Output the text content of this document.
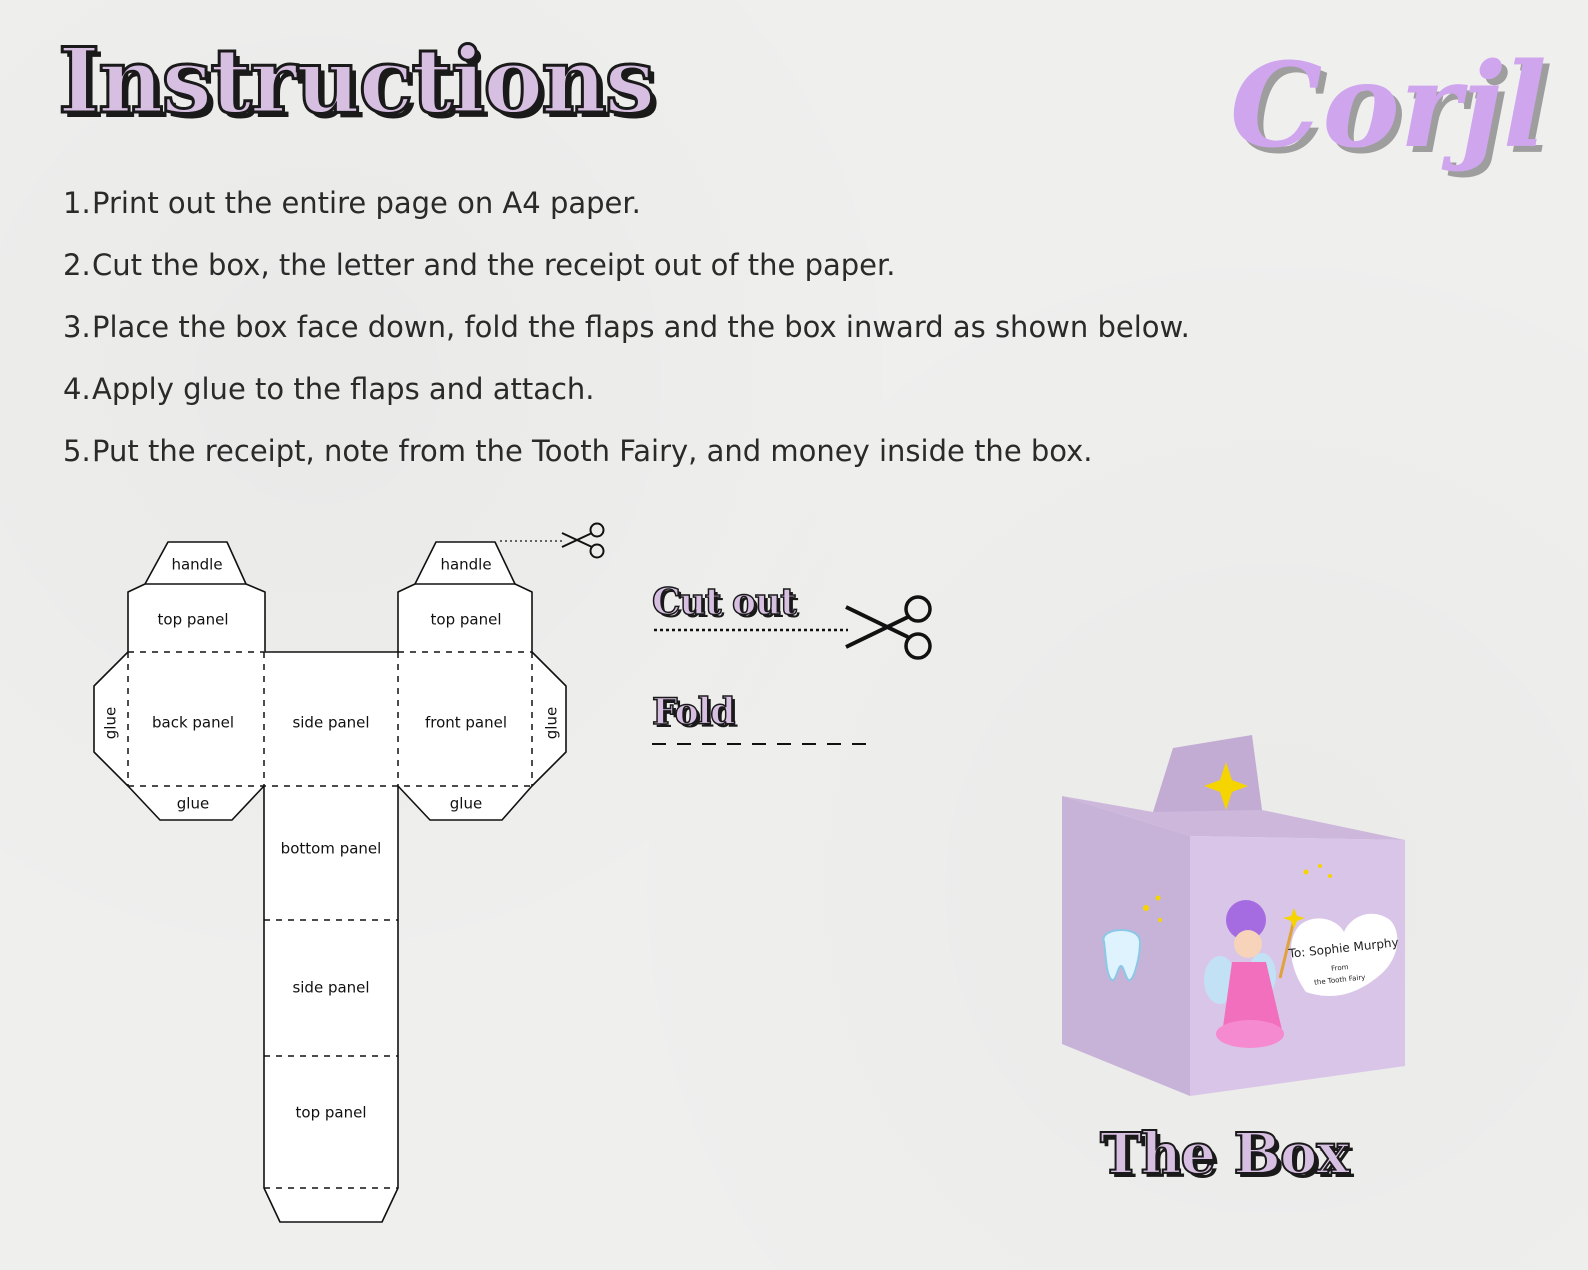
Instructions	Corjl
1.Print out the entire page on A4 paper.
2.Cut the box, the letter and the receipt out of the paper.
3.Place the box face down, fold the flaps and the box inward as shown below.
4.Apply glue to the flaps and attach.
5.Put the receipt, note from the Tooth Fairy, and money inside the box.
handle	handle
top panel	top panel
back panel	side panel	front panel
glue	glue
glue	glue
bottom panel
side panel
top panel
To: Sophie Murphy
From
the Tooth Fairy
Cut out
Fold
The Box
